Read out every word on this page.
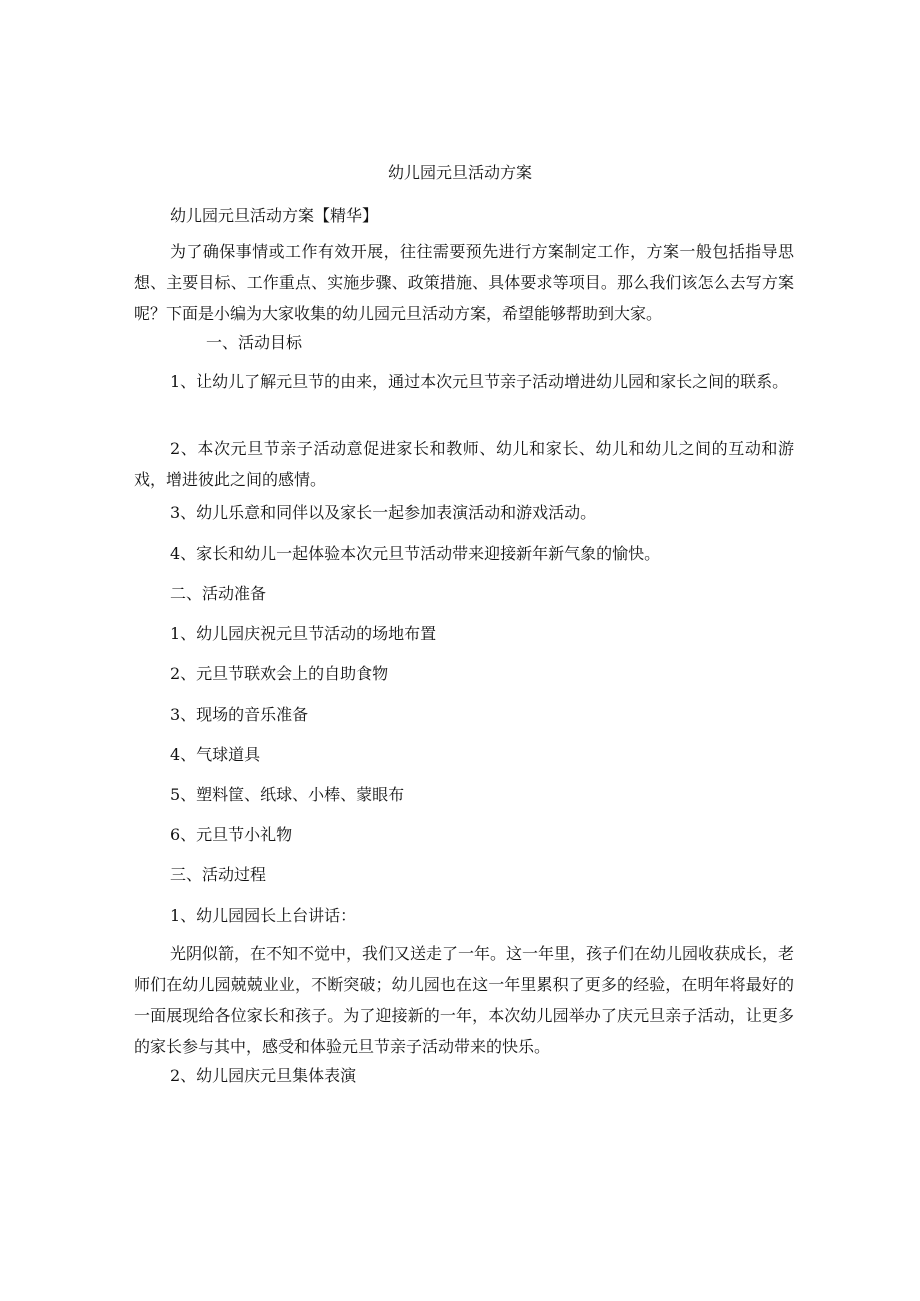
幼儿园元旦活动方案

幼儿园元旦活动方案【精华】

为了确保事情或工作有效开展，往往需要预先进行方案制定工作，方案一般包括指导思想、主要目标、工作重点、实施步骤、政策措施、具体要求等项目。那么我们该怎么去写方案呢？下面是小编为大家收集的幼儿园元旦活动方案，希望能够帮助到大家。

一、活动目标

1、让幼儿了解元旦节的由来，通过本次元旦节亲子活动增进幼儿园和家长之间的联系。

2、本次元旦节亲子活动意促进家长和教师、幼儿和家长、幼儿和幼儿之间的互动和游戏，增进彼此之间的感情。

3、幼儿乐意和同伴以及家长一起参加表演活动和游戏活动。

4、家长和幼儿一起体验本次元旦节活动带来迎接新年新气象的愉快。

二、活动准备

1、幼儿园庆祝元旦节活动的场地布置

2、元旦节联欢会上的自助食物

3、现场的音乐准备

4、气球道具

5、塑料筐、纸球、小棒、蒙眼布

6、元旦节小礼物

三、活动过程

1、幼儿园园长上台讲话：

光阴似箭，在不知不觉中，我们又送走了一年。这一年里，孩子们在幼儿园收获成长，老师们在幼儿园兢兢业业，不断突破；幼儿园也在这一年里累积了更多的经验，在明年将最好的一面展现给各位家长和孩子。为了迎接新的一年，本次幼儿园举办了庆元旦亲子活动，让更多的家长参与其中，感受和体验元旦节亲子活动带来的快乐。

2、幼儿园庆元旦集体表演
